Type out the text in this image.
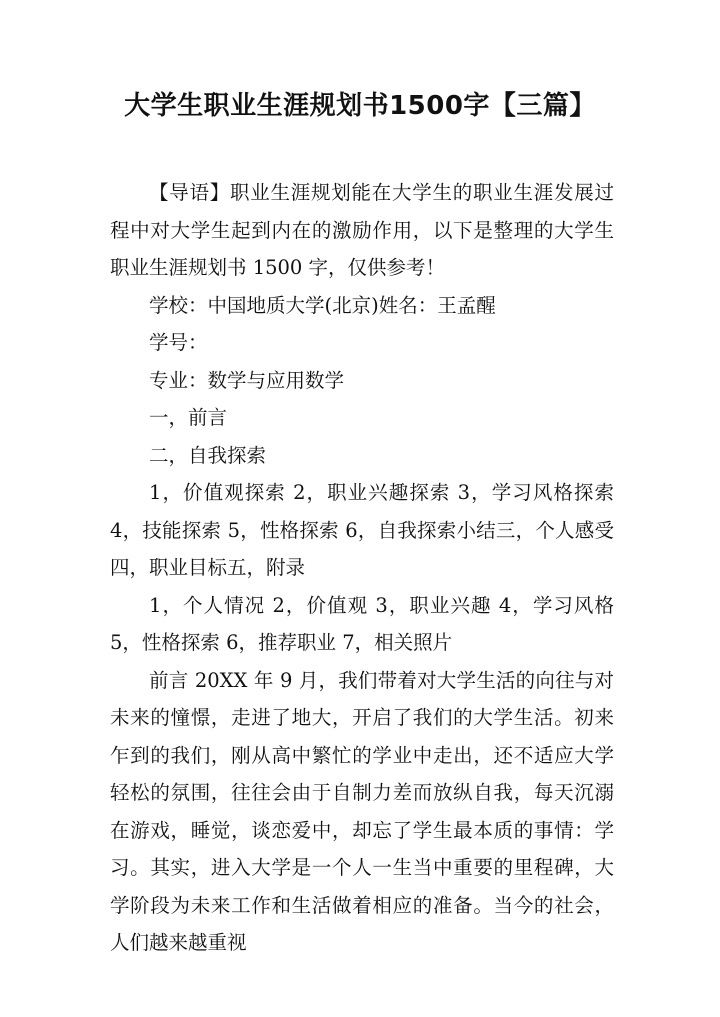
大学生职业生涯规划书1500字【三篇】

【导语】职业生涯规划能在大学生的职业生涯发展过程中对大学生起到内在的激励作用，以下是整理的大学生职业生涯规划书 1500 字，仅供参考！

学校：中国地质大学(北京)姓名：王孟醒

学号：

专业：数学与应用数学

一，前言

二，自我探索

1，价值观探索 2，职业兴趣探索 3，学习风格探索 4，技能探索 5，性格探索 6，自我探索小结三，个人感受四，职业目标五，附录

1，个人情况 2，价值观 3，职业兴趣 4，学习风格 5，性格探索 6，推荐职业 7，相关照片

前言 20XX 年 9 月，我们带着对大学生活的向往与对未来的憧憬，走进了地大，开启了我们的大学生活。初来乍到的我们，刚从高中繁忙的学业中走出，还不适应大学轻松的氛围，往往会由于自制力差而放纵自我，每天沉溺在游戏，睡觉，谈恋爱中，却忘了学生最本质的事情：学习。其实，进入大学是一个人一生当中重要的里程碑，大学阶段为未来工作和生活做着相应的准备。当今的社会，人们越来越重视
